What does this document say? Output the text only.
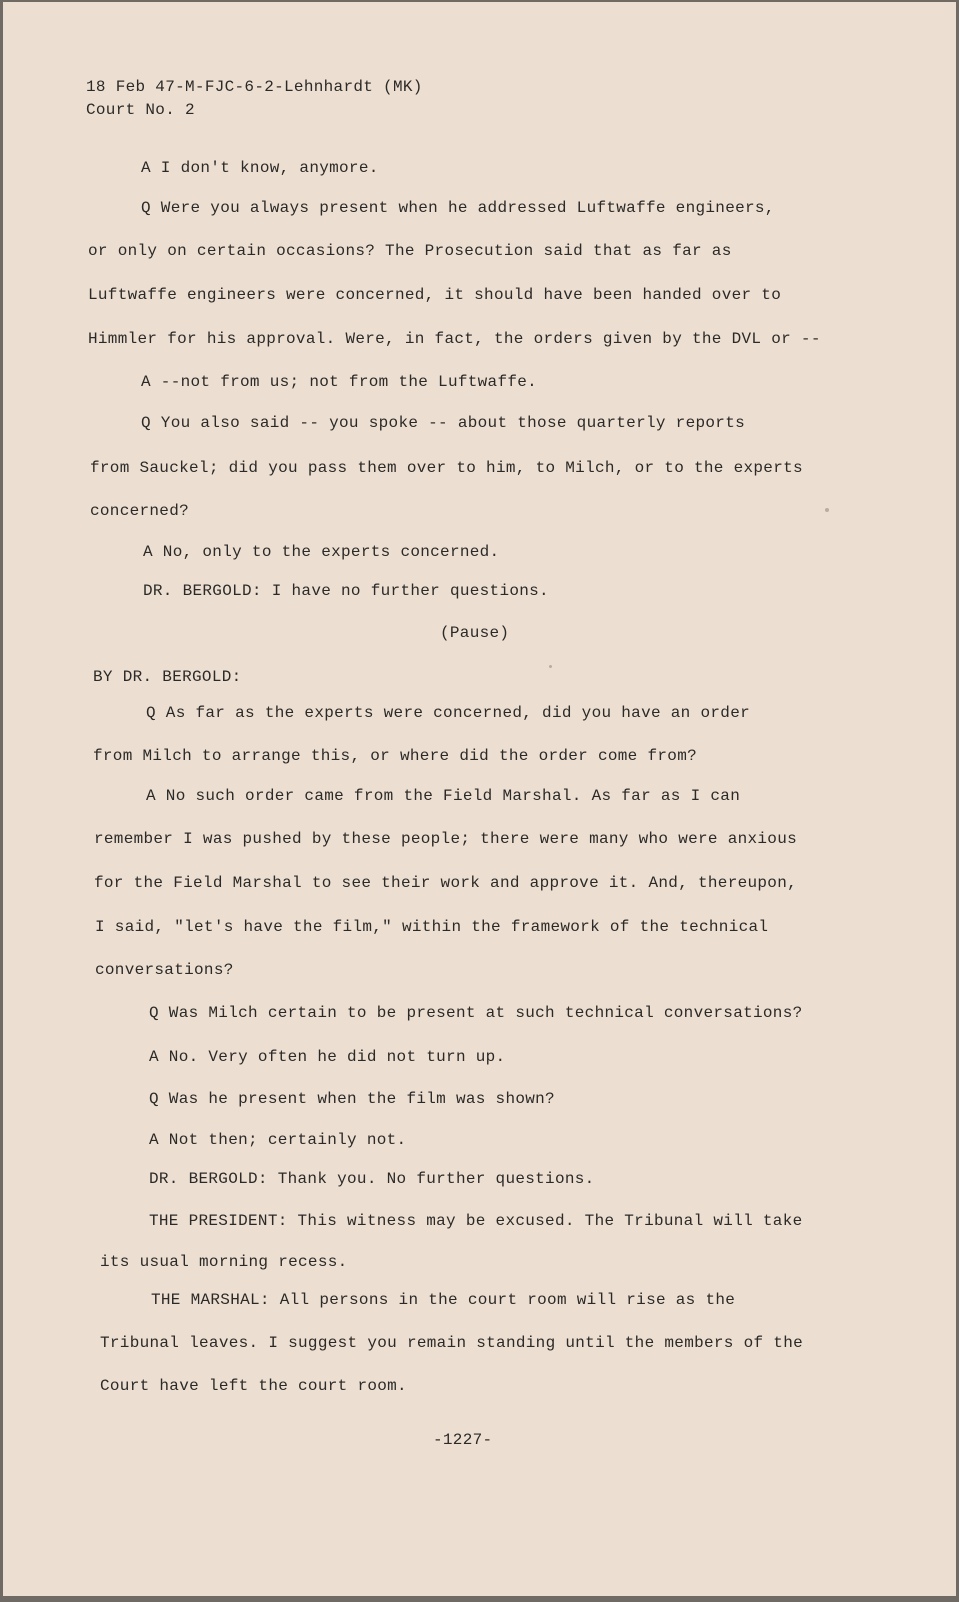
18 Feb 47-M-FJC-6-2-Lehnhardt (MK)
Court No. 2
A I don't know, anymore.
Q Were you always present when he addressed Luftwaffe engineers,
or only on certain occasions? The Prosecution said that as far as
Luftwaffe engineers were concerned, it should have been handed over to
Himmler for his approval. Were, in fact, the orders given by the DVL or --
A --not from us; not from the Luftwaffe.
Q You also said -- you spoke -- about those quarterly reports
from Sauckel; did you pass them over to him, to Milch, or to the experts
concerned?
A No, only to the experts concerned.
DR. BERGOLD: I have no further questions.
(Pause)
BY DR. BERGOLD:
Q As far as the experts were concerned, did you have an order
from Milch to arrange this, or where did the order come from?
A No such order came from the Field Marshal. As far as I can
remember I was pushed by these people; there were many who were anxious
for the Field Marshal to see their work and approve it. And, thereupon,
I said, "let's have the film," within the framework of the technical
conversations?
Q Was Milch certain to be present at such technical conversations?
A No. Very often he did not turn up.
Q Was he present when the film was shown?
A Not then; certainly not.
DR. BERGOLD: Thank you. No further questions.
THE PRESIDENT: This witness may be excused. The Tribunal will take
its usual morning recess.
THE MARSHAL: All persons in the court room will rise as the
Tribunal leaves. I suggest you remain standing until the members of the
Court have left the court room.
-1227-
